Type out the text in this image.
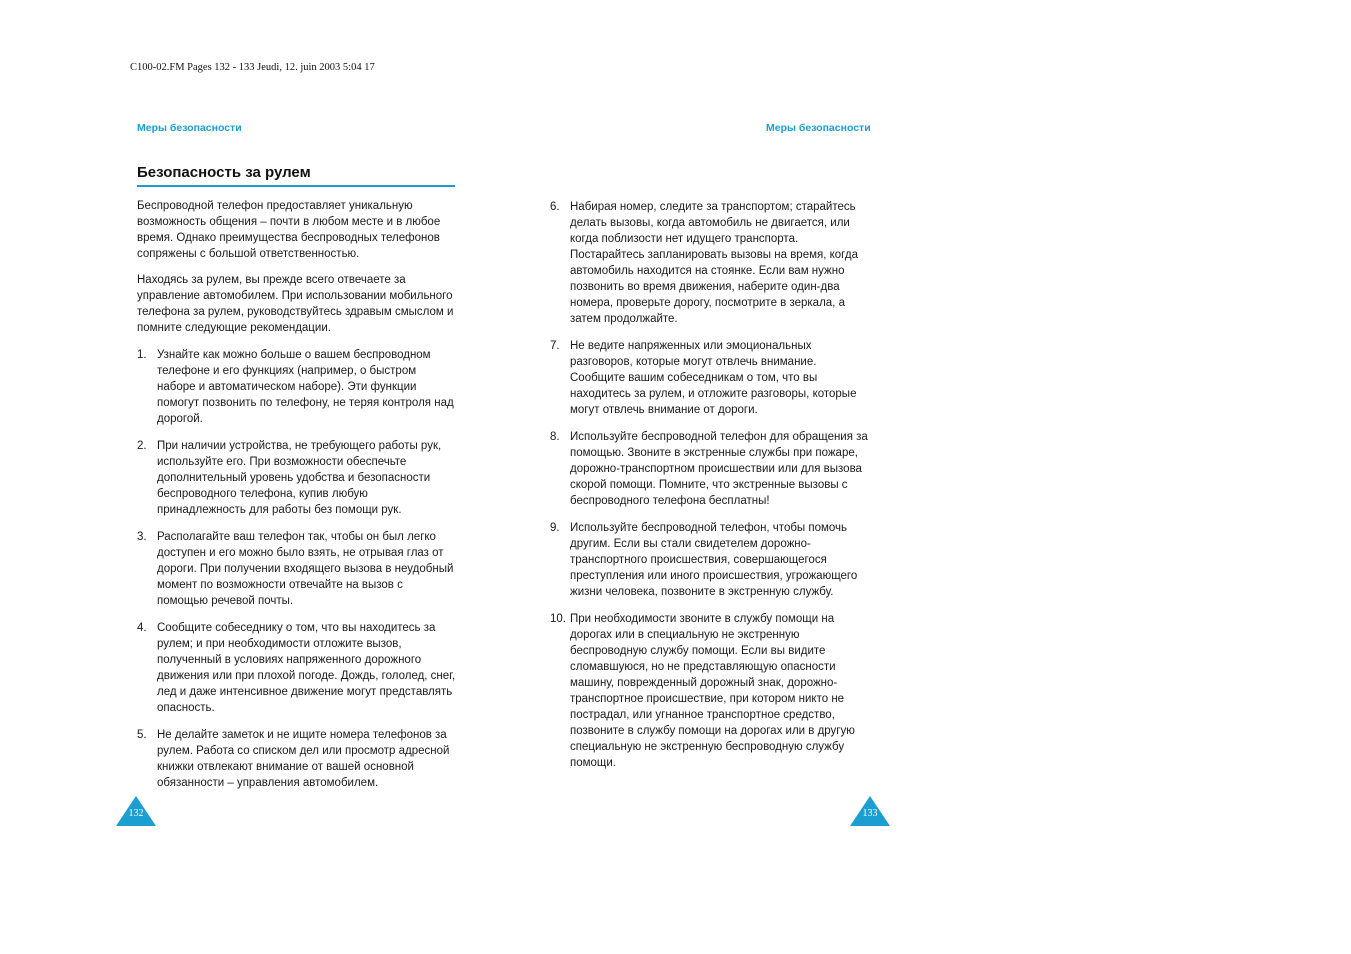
C100-02.FM Pages 132 - 133 Jeudi, 12. juin 2003 5:04 17
Меры безопасности	Меры безопасности
Безопасность за рулем

Беспроводной телефон предоставляет уникальную возможность общения – почти в любом месте и в любое время. Однако преимущества беспроводных телефонов сопряжены с большой ответственностью.

Находясь за рулем, вы прежде всего отвечаете за управление автомобилем. При использовании мобильного телефона за рулем, руководствуйтесь здравым смыслом и помните следующие рекомендации.

1. Узнайте как можно больше о вашем беспроводном телефоне и его функциях (например, о быстром наборе и автоматическом наборе). Эти функции помогут позвонить по телефону, не теряя контроля над дорогой.
2. При наличии устройства, не требующего работы рук, используйте его. При возможности обеспечьте дополнительный уровень удобства и безопасности беспроводного телефона, купив любую принадлежность для работы без помощи рук.
3. Располагайте ваш телефон так, чтобы он был легко доступен и его можно было взять, не отрывая глаз от дороги. При получении входящего вызова в неудобный момент по возможности отвечайте на вызов с помощью речевой почты.
4. Сообщите собеседнику о том, что вы находитесь за рулем; и при необходимости отложите вызов, полученный в условиях напряженного дорожного движения или при плохой погоде. Дождь, гололед, снег, лед и даже интенсивное движение могут представлять опасность.
5. Не делайте заметок и не ищите номера телефонов за рулем. Работа со списком дел или просмотр адресной книжки отвлекают внимание от вашей основной обязанности – управления автомобилем.
6. Набирая номер, следите за транспортом; старайтесь делать вызовы, когда автомобиль не двигается, или когда поблизости нет идущего транспорта. Постарайтесь запланировать вызовы на время, когда автомобиль находится на стоянке. Если вам нужно позвонить во время движения, наберите один-два номера, проверьте дорогу, посмотрите в зеркала, а затем продолжайте.
7. Не ведите напряженных или эмоциональных разговоров, которые могут отвлечь внимание. Сообщите вашим собеседникам о том, что вы находитесь за рулем, и отложите разговоры, которые могут отвлечь внимание от дороги.
8. Используйте беспроводной телефон для обращения за помощью. Звоните в экстренные службы при пожаре, дорожно-транспортном происшествии или для вызова скорой помощи. Помните, что экстренные вызовы с беспроводного телефона бесплатны!
9. Используйте беспроводной телефон, чтобы помочь другим. Если вы стали свидетелем дорожно-транспортного происшествия, совершающегося преступления или иного происшествия, угрожающего жизни человека, позвоните в экстренную службу.
10. При необходимости звоните в службу помощи на дорогах или в специальную не экстренную беспроводную службу помощи. Если вы видите сломавшуюся, но не представляющую опасности машину, поврежденный дорожный знак, дорожно-транспортное происшествие, при котором никто не пострадал, или угнанное транспортное средство, позвоните в службу помощи на дорогах или в другую специальную не экстренную беспроводную службу помощи.
132	133
